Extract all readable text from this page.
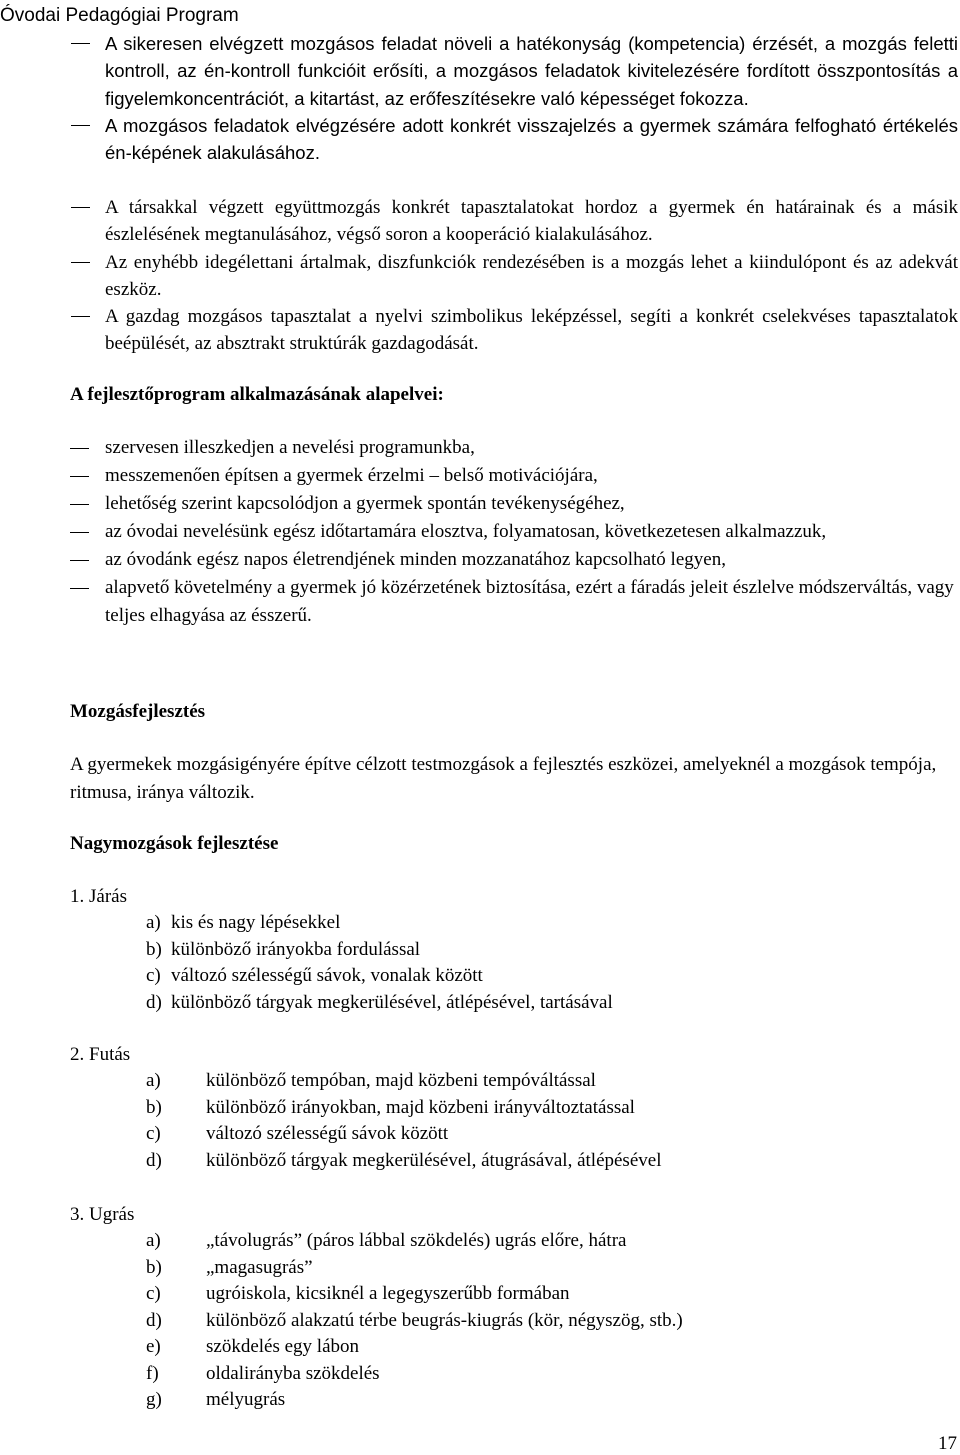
Óvodai Pedagógiai Program
A sikeresen elvégzett mozgásos feladat növeli a hatékonyság (kompetencia) érzését, a mozgás feletti kontroll, az én-kontroll funkcióit erősíti, a mozgásos feladatok kivitelezésére fordított összpontosítás a figyelemkoncentrációt, a kitartást, az erőfeszítésekre való képességet fokozza.
A mozgásos feladatok elvégzésére adott konkrét visszajelzés a gyermek számára felfogható értékelés én-képének alakulásához.
A társakkal végzett együttmozgás konkrét tapasztalatokat hordoz a gyermek én határainak és a másik észlelésének megtanulásához, végső soron a kooperáció kialakulásához.
Az enyhébb idegélettani ártalmak, diszfunkciók rendezésében is a mozgás lehet a kiindulópont és az adekvát eszköz.
A gazdag mozgásos tapasztalat a nyelvi szimbolikus leképzéssel, segíti a konkrét cselekvéses tapasztalatok beépülését, az absztrakt struktúrák gazdagodását.
A fejlesztőprogram alkalmazásának alapelvei:
szervesen illeszkedjen a nevelési programunkba,
messzemenően építsen a gyermek érzelmi – belső motivációjára,
lehetőség szerint kapcsolódjon a gyermek spontán tevékenységéhez,
az óvodai nevelésünk egész időtartamára elosztva, folyamatosan, következetesen alkalmazzuk,
az óvodánk egész napos életrendjének minden mozzanatához kapcsolható legyen,
alapvető követelmény a gyermek jó közérzetének biztosítása, ezért a fáradás jeleit észlelve módszerváltás, vagy teljes elhagyása az ésszerű.
Mozgásfejlesztés
A gyermekek mozgásigényére építve célzott testmozgások a fejlesztés eszközei, amelyeknél a mozgások tempója, ritmusa, iránya változik.
Nagymozgások fejlesztése
1. Járás
a) kis és nagy lépésekkel
b) különböző irányokba fordulással
c) változó szélességű sávok, vonalak között
d) különböző tárgyak megkerülésével, átlépésével, tartásával
2. Futás
a) különböző tempóban, majd közbeni tempóváltással
b) különböző irányokban, majd közbeni irányváltoztatással
c) változó szélességű sávok között
d) különböző tárgyak megkerülésével, átugrásával, átlépésével
3. Ugrás
a) „távolugrás” (páros lábbal szökdelés) ugrás előre, hátra
b) „magasugrás”
c) ugróiskola, kicsiknél a legegyszerűbb formában
d) különböző alakzatú térbe beugrás-kiugrás (kör, négyszög, stb.)
e) szökdelés egy lábon
f) oldalirányba szökdelés
g) mélyugrás
17
